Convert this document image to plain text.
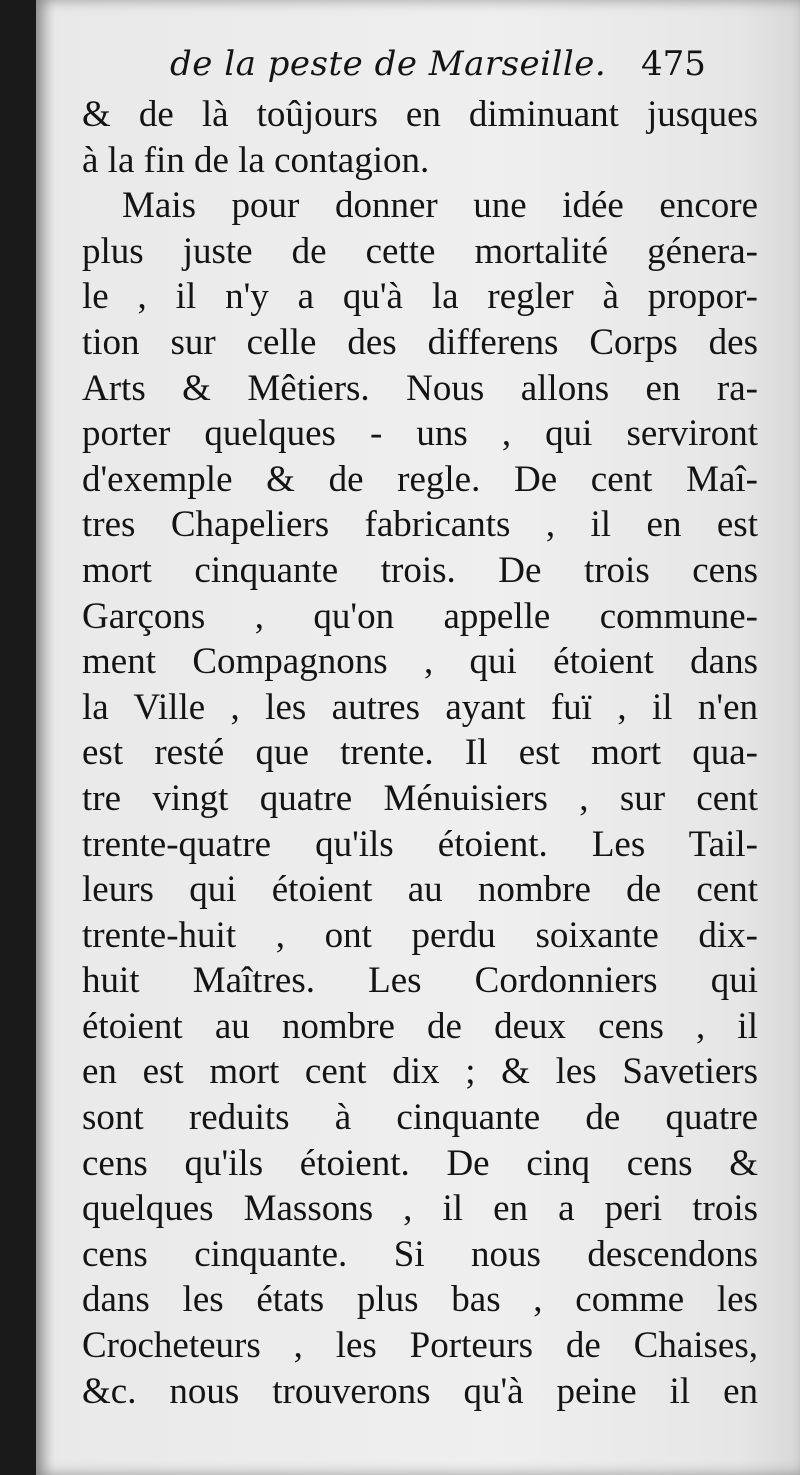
de la peste de Marseille. 475
& de là toûjours en diminuant jusques
à la fin de la contagion.
Mais pour donner une idée encore
plus juste de cette mortalité génera-
le , il n'y a qu'à la regler à propor-
tion sur celle des differens Corps des
Arts & Mêtiers. Nous allons en ra-
porter quelques - uns , qui serviront
d'exemple & de regle. De cent Maî-
tres Chapeliers fabricants , il en est
mort cinquante trois. De trois cens
Garçons , qu'on appelle commune-
ment Compagnons , qui étoient dans
la Ville , les autres ayant fuï , il n'en
est resté que trente. Il est mort qua-
tre vingt quatre Ménuisiers , sur cent
trente-quatre qu'ils étoient. Les Tail-
leurs qui étoient au nombre de cent
trente-huit , ont perdu soixante dix-
huit Maîtres. Les Cordonniers qui
étoient au nombre de deux cens , il
en est mort cent dix ; & les Savetiers
sont reduits à cinquante de quatre
cens qu'ils étoient. De cinq cens &
quelques Massons , il en a peri trois
cens cinquante. Si nous descendons
dans les états plus bas , comme les
Crocheteurs , les Porteurs de Chaises,
&c. nous trouverons qu'à peine il en
